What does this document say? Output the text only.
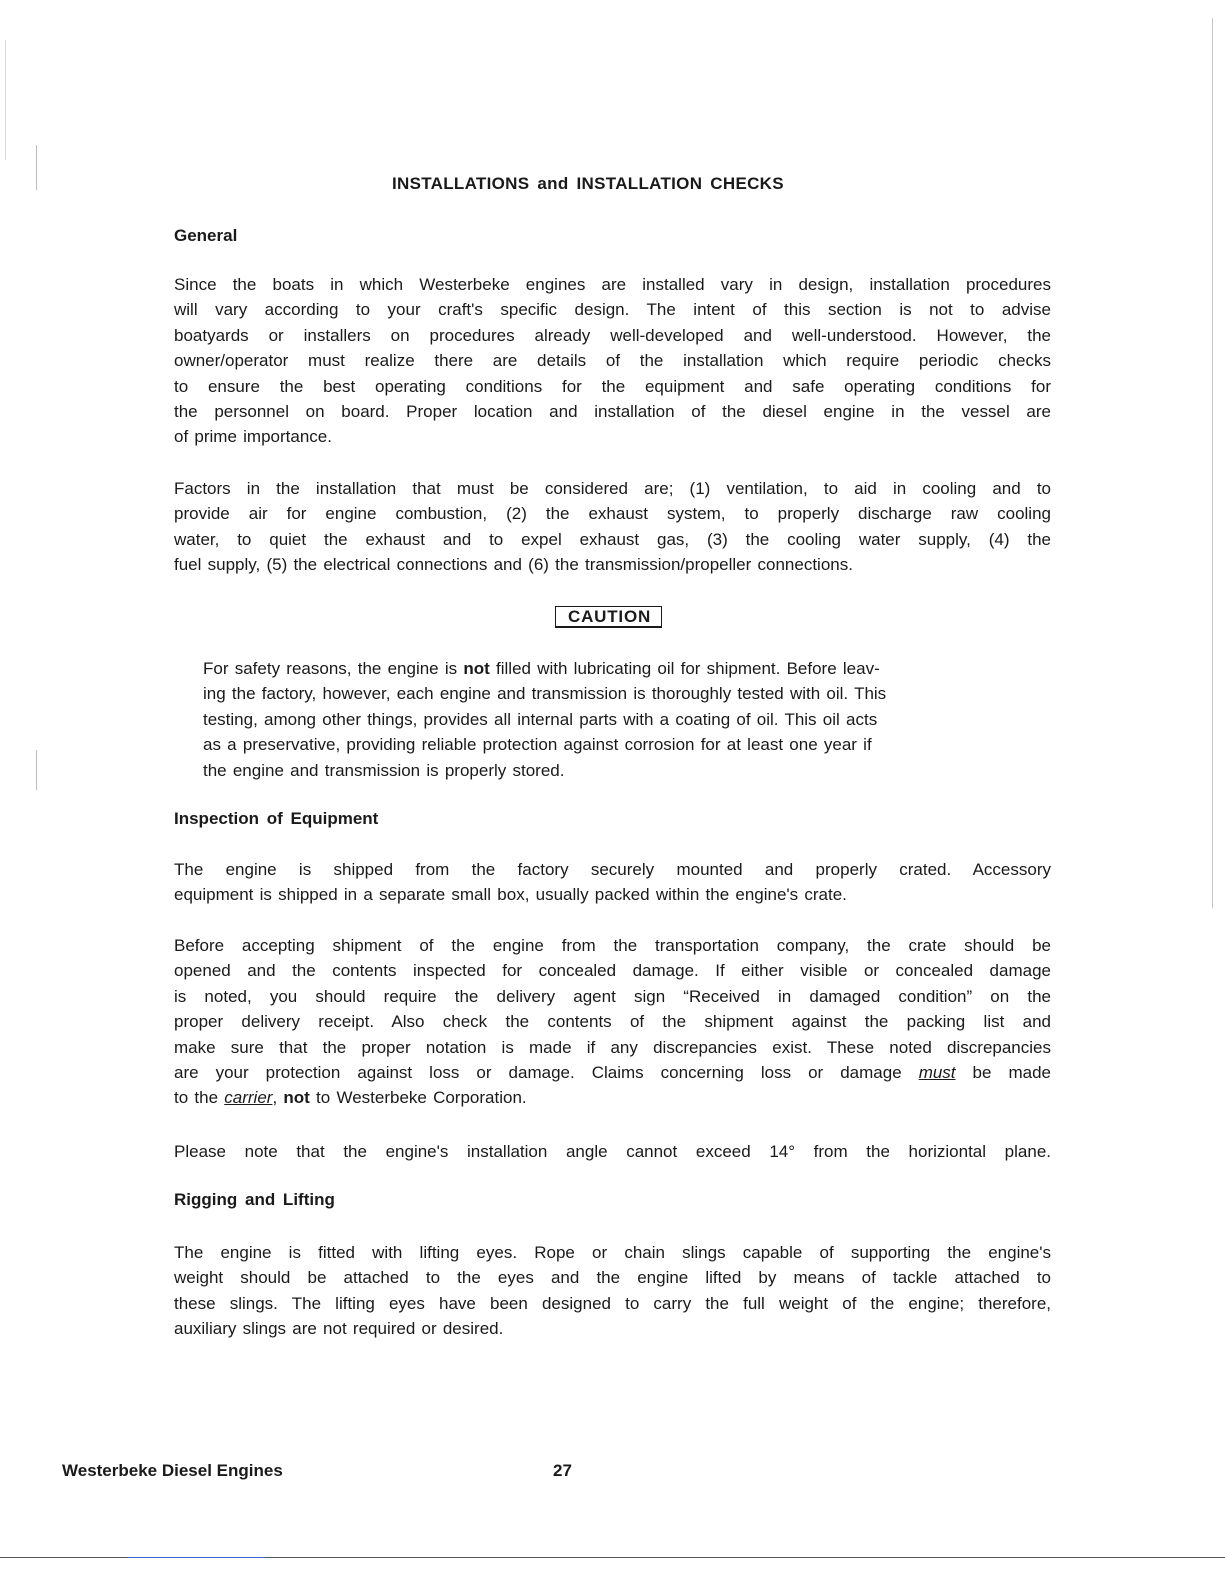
INSTALLATIONS and INSTALLATION CHECKS
General
Since the boats in which Westerbeke engines are installed vary in design, installation procedures
will vary according to your craft's specific design. The intent of this section is not to advise
boatyards or installers on procedures already well-developed and well-understood. However, the
owner/operator must realize there are details of the installation which require periodic checks
to ensure the best operating conditions for the equipment and safe operating conditions for
the personnel on board. Proper location and installation of the diesel engine in the vessel are
of prime importance.
Factors in the installation that must be considered are; (1) ventilation, to aid in cooling and to
provide air for engine combustion, (2) the exhaust system, to properly discharge raw cooling
water, to quiet the exhaust and to expel exhaust gas, (3) the cooling water supply, (4) the
fuel supply, (5) the electrical connections and (6) the transmission/propeller connections.
CAUTION
For safety reasons, the engine is not filled with lubricating oil for shipment. Before leav-
ing the factory, however, each engine and transmission is thoroughly tested with oil. This
testing, among other things, provides all internal parts with a coating of oil. This oil acts
as a preservative, providing reliable protection against corrosion for at least one year if
the engine and transmission is properly stored.
Inspection of Equipment
The engine is shipped from the factory securely mounted and properly crated. Accessory
equipment is shipped in a separate small box, usually packed within the engine's crate.
Before accepting shipment of the engine from the transportation company, the crate should be
opened and the contents inspected for concealed damage. If either visible or concealed damage
is noted, you should require the delivery agent sign “Received in damaged condition” on the
proper delivery receipt. Also check the contents of the shipment against the packing list and
make sure that the proper notation is made if any discrepancies exist. These noted discrepancies
are your protection against loss or damage. Claims concerning loss or damage must be made
to the carrier, not to Westerbeke Corporation.
Please note that the engine's installation angle cannot exceed 14° from the horiziontal plane.
Rigging and Lifting
The engine is fitted with lifting eyes. Rope or chain slings capable of supporting the engine's
weight should be attached to the eyes and the engine lifted by means of tackle attached to
these slings. The lifting eyes have been designed to carry the full weight of the engine; therefore,
auxiliary slings are not required or desired.
Westerbeke Diesel Engines	27
